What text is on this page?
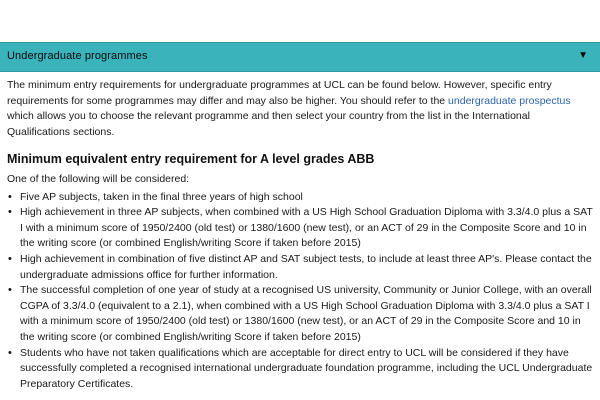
Undergraduate programmes	▼

The minimum entry requirements for undergraduate programmes at UCL can be found below. However, specific entry requirements for some programmes may differ and may also be higher. You should refer to the undergraduate prospectus which allows you to choose the relevant programme and then select your country from the list in the International Qualifications sections.

Minimum equivalent entry requirement for A level grades ABB

One of the following will be considered:

• Five AP subjects, taken in the final three years of high school
• High achievement in three AP subjects, when combined with a US High School Graduation Diploma with 3.3/4.0 plus a SAT I with a minimum score of 1950/2400 (old test) or 1380/1600 (new test), or an ACT of 29 in the Composite Score and 10 in the writing score (or combined English/writing Score if taken before 2015)
• High achievement in combination of five distinct AP and SAT subject tests, to include at least three AP's. Please contact the undergraduate admissions office for further information.
• The successful completion of one year of study at a recognised US university, Community or Junior College, with an overall CGPA of 3.3/4.0 (equivalent to a 2.1), when combined with a US High School Graduation Diploma with 3.3/4.0 plus a SAT I with a minimum score of 1950/2400 (old test) or 1380/1600 (new test), or an ACT of 29 in the Composite Score and 10 in the writing score (or combined English/writing Score if taken before 2015)
• Students who have not taken qualifications which are acceptable for direct entry to UCL will be considered if they have successfully completed a recognised international undergraduate foundation programme, including the UCL Undergraduate Preparatory Certificates.
